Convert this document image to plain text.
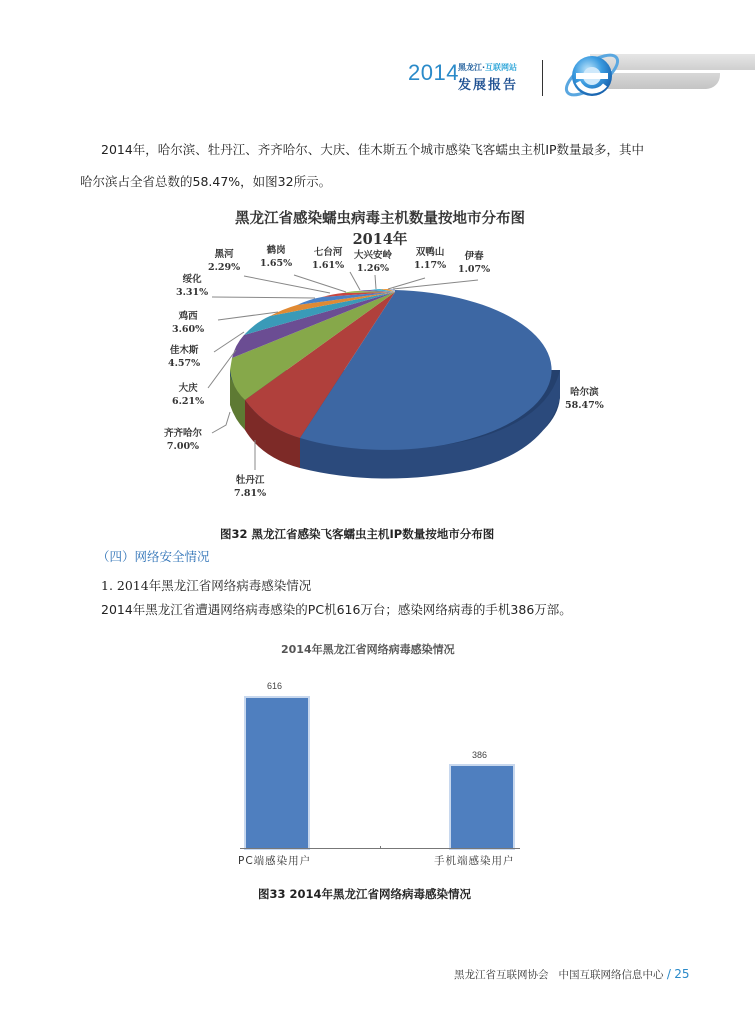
2014 黑龙江·互联网站
发展报告
2014年，哈尔滨、牡丹江、齐齐哈尔、大庆、佳木斯五个城市感染飞客蠕虫主机IP数量最多，其中
哈尔滨占全省总数的58.47%，如图32所示。
黑龙江省感染蠕虫病毒主机数量按地市分布图
2014年
黑河
2.29%
鹤岗
1.65%
七台河
1.61%
大兴安岭
1.26%
双鸭山
1.17%
伊春
1.07%
绥化
3.31%
鸡西
3.60%
佳木斯
4.57%
大庆
6.21%
齐齐哈尔
7.00%
牡丹江
7.81%
哈尔滨
58.47%
图32 黑龙江省感染飞客蠕虫主机IP数量按地市分布图
（四）网络安全情况
1. 2014年黑龙江省网络病毒感染情况
2014年黑龙江省遭遇网络病毒感染的PC机616万台；感染网络病毒的手机386万部。
2014年黑龙江省网络病毒感染情况
616
386
PC端感染用户	手机端感染用户
图33 2014年黑龙江省网络病毒感染情况
黑龙江省互联网协会 中国互联网络信息中心 / 25
